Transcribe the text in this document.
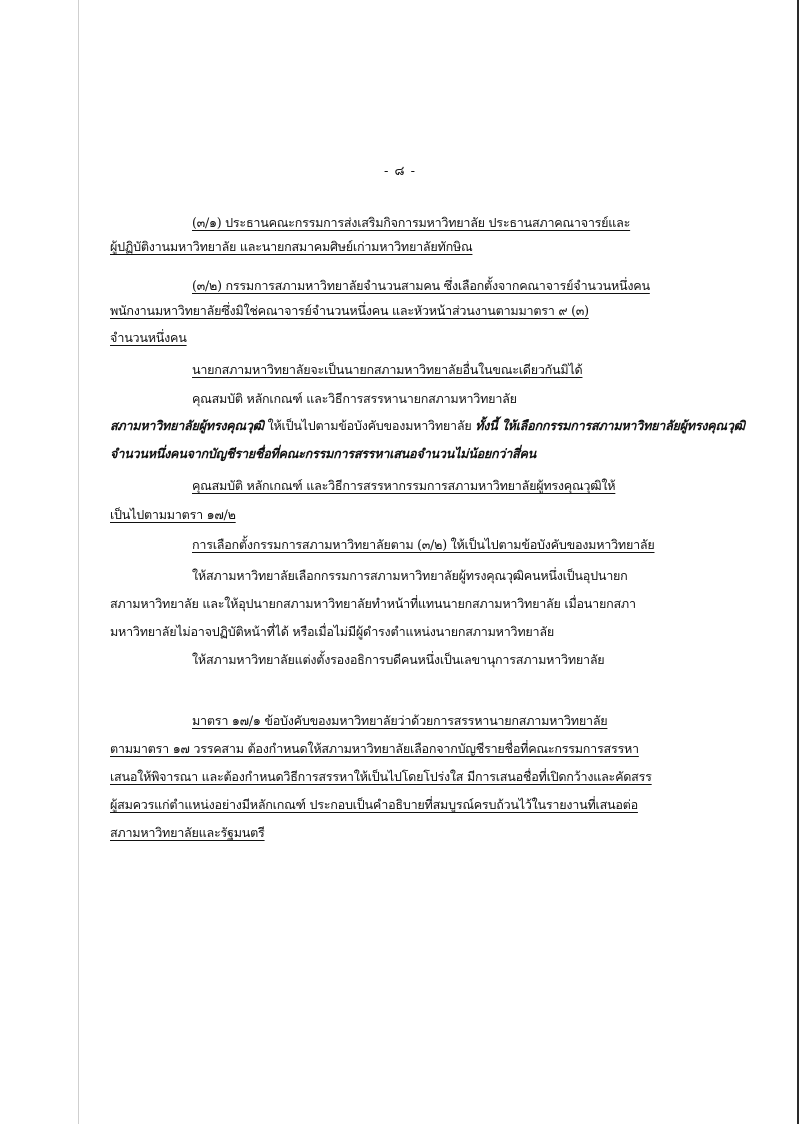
- ๘ -
(๓/๑) ประธานคณะกรรมการส่งเสริมกิจการมหาวิทยาลัย ประธานสภาคณาจารย์และ
ผู้ปฏิบัติงานมหาวิทยาลัย และนายกสมาคมศิษย์เก่ามหาวิทยาลัยทักษิณ
(๓/๒) กรรมการสภามหาวิทยาลัยจำนวนสามคน ซึ่งเลือกตั้งจากคณาจารย์จำนวนหนึ่งคน
พนักงานมหาวิทยาลัยซึ่งมิใช่คณาจารย์จำนวนหนึ่งคน และหัวหน้าส่วนงานตามมาตรา ๙ (๓)
จำนวนหนึ่งคน
นายกสภามหาวิทยาลัยจะเป็นนายกสภามหาวิทยาลัยอื่นในขณะเดียวกันมิได้
คุณสมบัติ หลักเกณฑ์ และวิธีการสรรหานายกสภามหาวิทยาลัย
สภามหาวิทยาลัยผู้ทรงคุณวุฒิ ให้เป็นไปตามข้อบังคับของมหาวิทยาลัย ทั้งนี้ ให้เลือกกรรมการสภามหาวิทยาลัยผู้ทรงคุณวุฒิ
จำนวนหนึ่งคนจากบัญชีรายชื่อที่คณะกรรมการสรรหาเสนอจำนวนไม่น้อยกว่าสี่คน
คุณสมบัติ หลักเกณฑ์ และวิธีการสรรหากรรมการสภามหาวิทยาลัยผู้ทรงคุณวุฒิให้
เป็นไปตามมาตรา ๑๗/๒
การเลือกตั้งกรรมการสภามหาวิทยาลัยตาม (๓/๒) ให้เป็นไปตามข้อบังคับของมหาวิทยาลัย
ให้สภามหาวิทยาลัยเลือกกรรมการสภามหาวิทยาลัยผู้ทรงคุณวุฒิคนหนึ่งเป็นอุปนายก
สภามหาวิทยาลัย และให้อุปนายกสภามหาวิทยาลัยทำหน้าที่แทนนายกสภามหาวิทยาลัย เมื่อนายกสภา
มหาวิทยาลัยไม่อาจปฏิบัติหน้าที่ได้ หรือเมื่อไม่มีผู้ดำรงตำแหน่งนายกสภามหาวิทยาลัย
ให้สภามหาวิทยาลัยแต่งตั้งรองอธิการบดีคนหนึ่งเป็นเลขานุการสภามหาวิทยาลัย
มาตรา ๑๗/๑ ข้อบังคับของมหาวิทยาลัยว่าด้วยการสรรหานายกสภามหาวิทยาลัย
ตามมาตรา ๑๗ วรรคสาม ต้องกำหนดให้สภามหาวิทยาลัยเลือกจากบัญชีรายชื่อที่คณะกรรมการสรรหา
เสนอให้พิจารณา และต้องกำหนดวิธีการสรรหาให้เป็นไปโดยโปร่งใส มีการเสนอชื่อที่เปิดกว้างและคัดสรร
ผู้สมควรแก่ตำแหน่งอย่างมีหลักเกณฑ์ ประกอบเป็นคำอธิบายที่สมบูรณ์ครบถ้วนไว้ในรายงานที่เสนอต่อ
สภามหาวิทยาลัยและรัฐมนตรี
